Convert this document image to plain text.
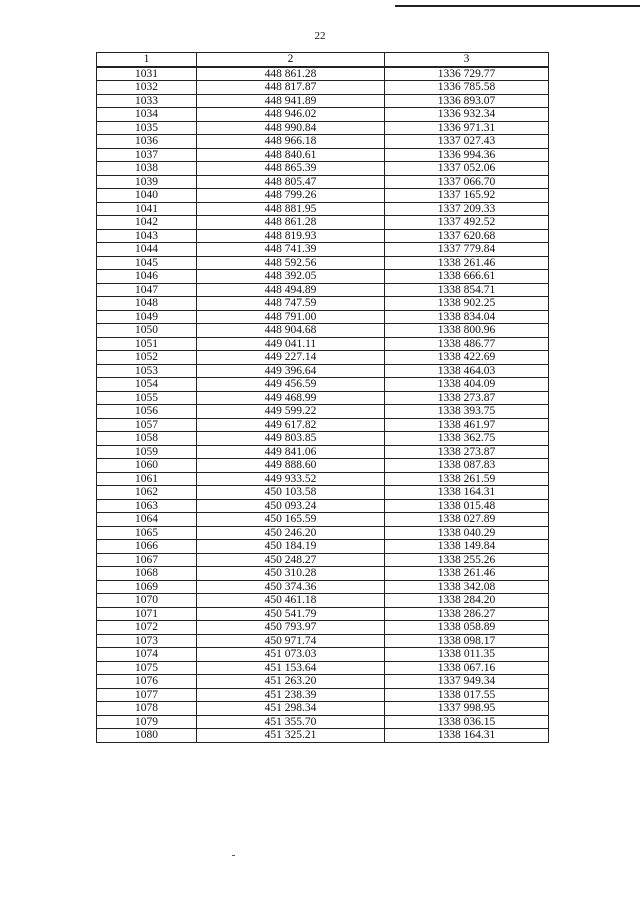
22
1	2	3
1031	448 861.28	1336 729.77
1032	448 817.87	1336 785.58
1033	448 941.89	1336 893.07
1034	448 946.02	1336 932.34
1035	448 990.84	1336 971.31
1036	448 966.18	1337 027.43
1037	448 840.61	1336 994.36
1038	448 865.39	1337 052.06
1039	448 805.47	1337 066.70
1040	448 799.26	1337 165.92
1041	448 881.95	1337 209.33
1042	448 861.28	1337 492.52
1043	448 819.93	1337 620.68
1044	448 741.39	1337 779.84
1045	448 592.56	1338 261.46
1046	448 392.05	1338 666.61
1047	448 494.89	1338 854.71
1048	448 747.59	1338 902.25
1049	448 791.00	1338 834.04
1050	448 904.68	1338 800.96
1051	449 041.11	1338 486.77
1052	449 227.14	1338 422.69
1053	449 396.64	1338 464.03
1054	449 456.59	1338 404.09
1055	449 468.99	1338 273.87
1056	449 599.22	1338 393.75
1057	449 617.82	1338 461.97
1058	449 803.85	1338 362.75
1059	449 841.06	1338 273.87
1060	449 888.60	1338 087.83
1061	449 933.52	1338 261.59
1062	450 103.58	1338 164.31
1063	450 093.24	1338 015.48
1064	450 165.59	1338 027.89
1065	450 246.20	1338 040.29
1066	450 184.19	1338 149.84
1067	450 248.27	1338 255.26
1068	450 310.28	1338 261.46
1069	450 374.36	1338 342.08
1070	450 461.18	1338 284.20
1071	450 541.79	1338 286.27
1072	450 793.97	1338 058.89
1073	450 971.74	1338 098.17
1074	451 073.03	1338 011.35
1075	451 153.64	1338 067.16
1076	451 263.20	1337 949.34
1077	451 238.39	1338 017.55
1078	451 298.34	1337 998.95
1079	451 355.70	1338 036.15
1080	451 325.21	1338 164.31
